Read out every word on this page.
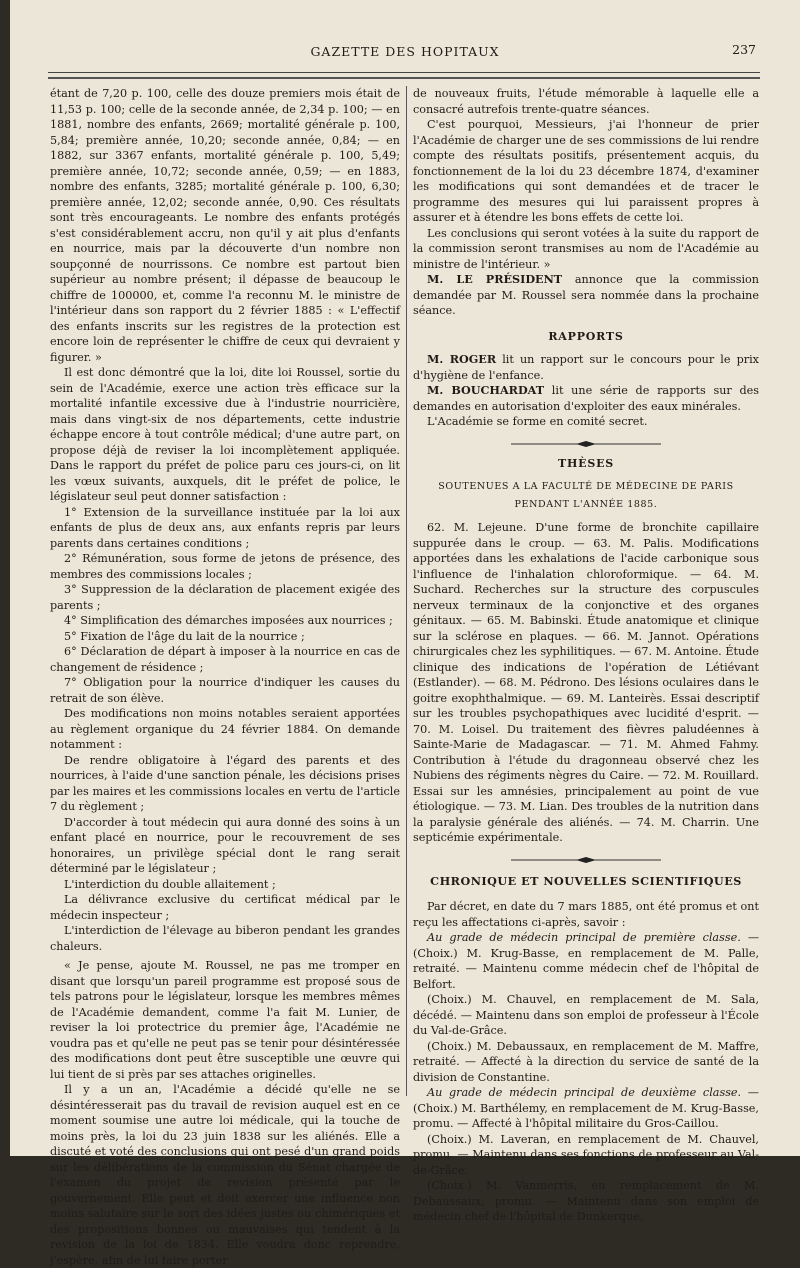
GAZETTE DES HOPITAUX	237

étant de 7,20 p. 100, celle des douze premiers mois était de 11,53 p. 100; celle de la seconde année, de 2,34 p. 100; — en 1881, nombre des enfants, 2669; mortalité générale p. 100, 5,84; première année, 10,20; seconde année, 0,84; — en 1882, sur 3367 enfants, mortalité générale p. 100, 5,49; première année, 10,72; seconde année, 0,59; — en 1883, nombre des enfants, 3285; mortalité générale p. 100, 6,30; première année, 12,02; seconde année, 0,90. Ces résultats sont très encourageants. Le nombre des enfants protégés s'est considérablement accru, non qu'il y ait plus d'enfants en nourrice, mais par la découverte d'un nombre non soupçonné de nourrissons. Ce nombre est partout bien supérieur au nombre présent; il dépasse de beaucoup le chiffre de 100000, et, comme l'a reconnu M. le ministre de l'intérieur dans son rapport du 2 février 1885 : « L'effectif des enfants inscrits sur les registres de la protection est encore loin de représenter le chiffre de ceux qui devraient y figurer. »

Il est donc démontré que la loi, dite loi Roussel, sortie du sein de l'Académie, exerce une action très efficace sur la mortalité infantile excessive due à l'industrie nourricière, mais dans vingt-six de nos départements, cette industrie échappe encore à tout contrôle médical; d'une autre part, on propose déjà de reviser la loi incomplètement appliquée. Dans le rapport du préfet de police paru ces jours-ci, on lit les vœux suivants, auxquels, dit le préfet de police, le législateur seul peut donner satisfaction :

1° Extension de la surveillance instituée par la loi aux enfants de plus de deux ans, aux enfants repris par leurs parents dans certaines conditions ;

2° Rémunération, sous forme de jetons de présence, des membres des commissions locales ;

3° Suppression de la déclaration de placement exigée des parents ;

4° Simplification des démarches imposées aux nourrices ;

5° Fixation de l'âge du lait de la nourrice ;

6° Déclaration de départ à imposer à la nourrice en cas de changement de résidence ;

7° Obligation pour la nourrice d'indiquer les causes du retrait de son élève.

Des modifications non moins notables seraient apportées au règlement organique du 24 février 1884. On demande notamment :

De rendre obligatoire à l'égard des parents et des nourrices, à l'aide d'une sanction pénale, les décisions prises par les maires et les commissions locales en vertu de l'article 7 du règlement ;

D'accorder à tout médecin qui aura donné des soins à un enfant placé en nourrice, pour le recouvrement de ses honoraires, un privilège spécial dont le rang serait déterminé par le législateur ;

L'interdiction du double allaitement ;

La délivrance exclusive du certificat médical par le médecin inspecteur ;

L'interdiction de l'élevage au biberon pendant les grandes chaleurs.

« Je pense, ajoute M. Roussel, ne pas me tromper en disant que lorsqu'un pareil programme est proposé sous de tels patrons pour le législateur, lorsque les membres mêmes de l'Académie demandent, comme l'a fait M. Lunier, de reviser la loi protectrice du premier âge, l'Académie ne voudra pas et qu'elle ne peut pas se tenir pour désintéressée des modifications dont peut être susceptible une œuvre qui lui tient de si près par ses attaches originelles.

Il y a un an, l'Académie a décidé qu'elle ne se désintéresserait pas du travail de revision auquel est en ce moment soumise une autre loi médicale, qui la touche de moins près, la loi du 23 juin 1838 sur les aliénés. Elle a discuté et voté des conclusions qui ont pesé d'un grand poids sur les délibérations de la commission du Sénat chargée de l'examen du projet de revision présenté par le gouvernement. Elle peut et doit exercer une influence non moins salutaire sur le sort des idées justes ou chimériques et des propositions bonnes ou mauvaises qui tendent à la revision de la loi de 1834. Elle voudra donc reprendre, j'espère, afin de lui faire porter

de nouveaux fruits, l'étude mémorable à laquelle elle a consacré autrefois trente-quatre séances.

C'est pourquoi, Messieurs, j'ai l'honneur de prier l'Académie de charger une de ses commissions de lui rendre compte des résultats positifs, présentement acquis, du fonctionnement de la loi du 23 décembre 1874, d'examiner les modifications qui sont demandées et de tracer le programme des mesures qui lui paraissent propres à assurer et à étendre les bons effets de cette loi.

Les conclusions qui seront votées à la suite du rapport de la commission seront transmises au nom de l'Académie au ministre de l'intérieur. »

M. LE PRÉSIDENT annonce que la commission demandée par M. Roussel sera nommée dans la prochaine séance.

RAPPORTS

M. ROGER lit un rapport sur le concours pour le prix d'hygiène de l'enfance.

M. BOUCHARDAT lit une série de rapports sur des demandes en autorisation d'exploiter des eaux minérales.

L'Académie se forme en comité secret.

THÈSES
SOUTENUES A LA FACULTÉ DE MÉDECINE DE PARIS
PENDANT L'ANNÉE 1885.

62. M. Lejeune. D'une forme de bronchite capillaire suppurée dans le croup. — 63. M. Palis. Modifications apportées dans les exhalations de l'acide carbonique sous l'influence de l'inhalation chloroformique. — 64. M. Suchard. Recherches sur la structure des corpuscules nerveux terminaux de la conjonctive et des organes génitaux. — 65. M. Babinski. Étude anatomique et clinique sur la sclérose en plaques. — 66. M. Jannot. Opérations chirurgicales chez les syphilitiques. — 67. M. Antoine. Étude clinique des indications de l'opération de Létiévant (Estlander). — 68. M. Pédrono. Des lésions oculaires dans le goitre exophthalmique. — 69. M. Lanteirès. Essai descriptif sur les troubles psychopathiques avec lucidité d'esprit. — 70. M. Loisel. Du traitement des fièvres paludéennes à Sainte-Marie de Madagascar. — 71. M. Ahmed Fahmy. Contribution à l'étude du dragonneau observé chez les Nubiens des régiments nègres du Caire. — 72. M. Rouillard. Essai sur les amnésies, principalement au point de vue étiologique. — 73. M. Lian. Des troubles de la nutrition dans la paralysie générale des aliénés. — 74. M. Charrin. Une septicémie expérimentale.

CHRONIQUE ET NOUVELLES SCIENTIFIQUES

Par décret, en date du 7 mars 1885, ont été promus et ont reçu les affectations ci-après, savoir :

Au grade de médecin principal de première classe. — (Choix.) M. Krug-Basse, en remplacement de M. Palle, retraité. — Maintenu comme médecin chef de l'hôpital de Belfort.

(Choix.) M. Chauvel, en remplacement de M. Sala, décédé. — Maintenu dans son emploi de professeur à l'École du Val-de-Grâce.

(Choix.) M. Debaussaux, en remplacement de M. Maffre, retraité. — Affecté à la direction du service de santé de la division de Constantine.

Au grade de médecin principal de deuxième classe. — (Choix.) M. Barthélemy, en remplacement de M. Krug-Basse, promu. — Affecté à l'hôpital militaire du Gros-Caillou.

(Choix.) M. Laveran, en remplacement de M. Chauvel, promu. — Maintenu dans ses fonctions de professeur au Val-de-Grâce.

(Choix.) M. Vanmerris, en remplacement de M. Debaussaux, promu. — Maintenu dans son emploi de médecin chef de l'hôpital de Dunkerque.
